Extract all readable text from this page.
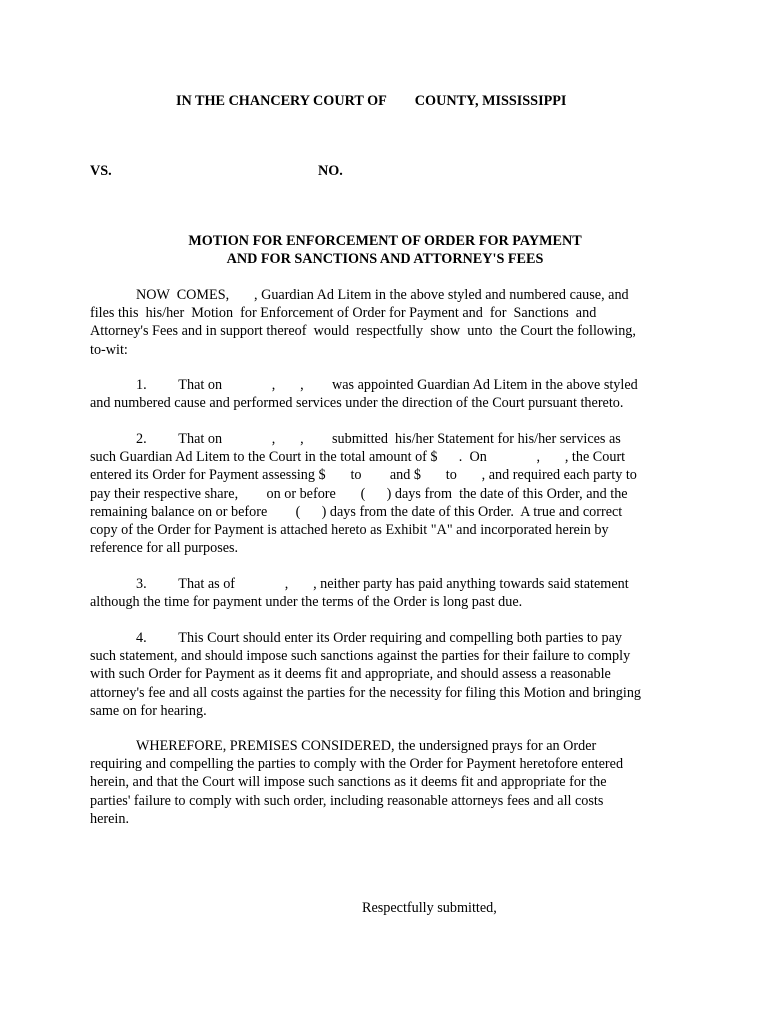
IN THE CHANCERY COURT OF COUNTY, MISSISSIPPI
VS.	NO.
MOTION FOR ENFORCEMENT OF ORDER FOR PAYMENT
AND FOR SANCTIONS AND ATTORNEY'S FEES
NOW  COMES,       , Guardian Ad Litem in the above styled and numbered cause, and
files this  his/her  Motion  for Enforcement of Order for Payment and  for  Sanctions  and
Attorney's Fees and in support thereof  would  respectfully  show  unto  the Court the following,
to-wit:
1.         That on              ,       ,        was appointed Guardian Ad Litem in the above styled
and numbered cause and performed services under the direction of the Court pursuant thereto.
2.         That on              ,       ,        submitted  his/her Statement for his/her services as
such Guardian Ad Litem to the Court in the total amount of $      .  On              ,       , the Court
entered its Order for Payment assessing $       to        and $       to       , and required each party to
pay their respective share,        on or before       (      ) days from  the date of this Order, and the
remaining balance on or before        (      ) days from the date of this Order.  A true and correct
copy of the Order for Payment is attached hereto as Exhibit "A" and incorporated herein by
reference for all purposes.
3.         That as of              ,       , neither party has paid anything towards said statement
although the time for payment under the terms of the Order is long past due.
4.         This Court should enter its Order requiring and compelling both parties to pay
such statement, and should impose such sanctions against the parties for their failure to comply
with such Order for Payment as it deems fit and appropriate, and should assess a reasonable
attorney's fee and all costs against the parties for the necessity for filing this Motion and bringing
same on for hearing.
WHEREFORE, PREMISES CONSIDERED, the undersigned prays for an Order
requiring and compelling the parties to comply with the Order for Payment heretofore entered
herein, and that the Court will impose such sanctions as it deems fit and appropriate for the
parties' failure to comply with such order, including reasonable attorneys fees and all costs
herein.
Respectfully submitted,
